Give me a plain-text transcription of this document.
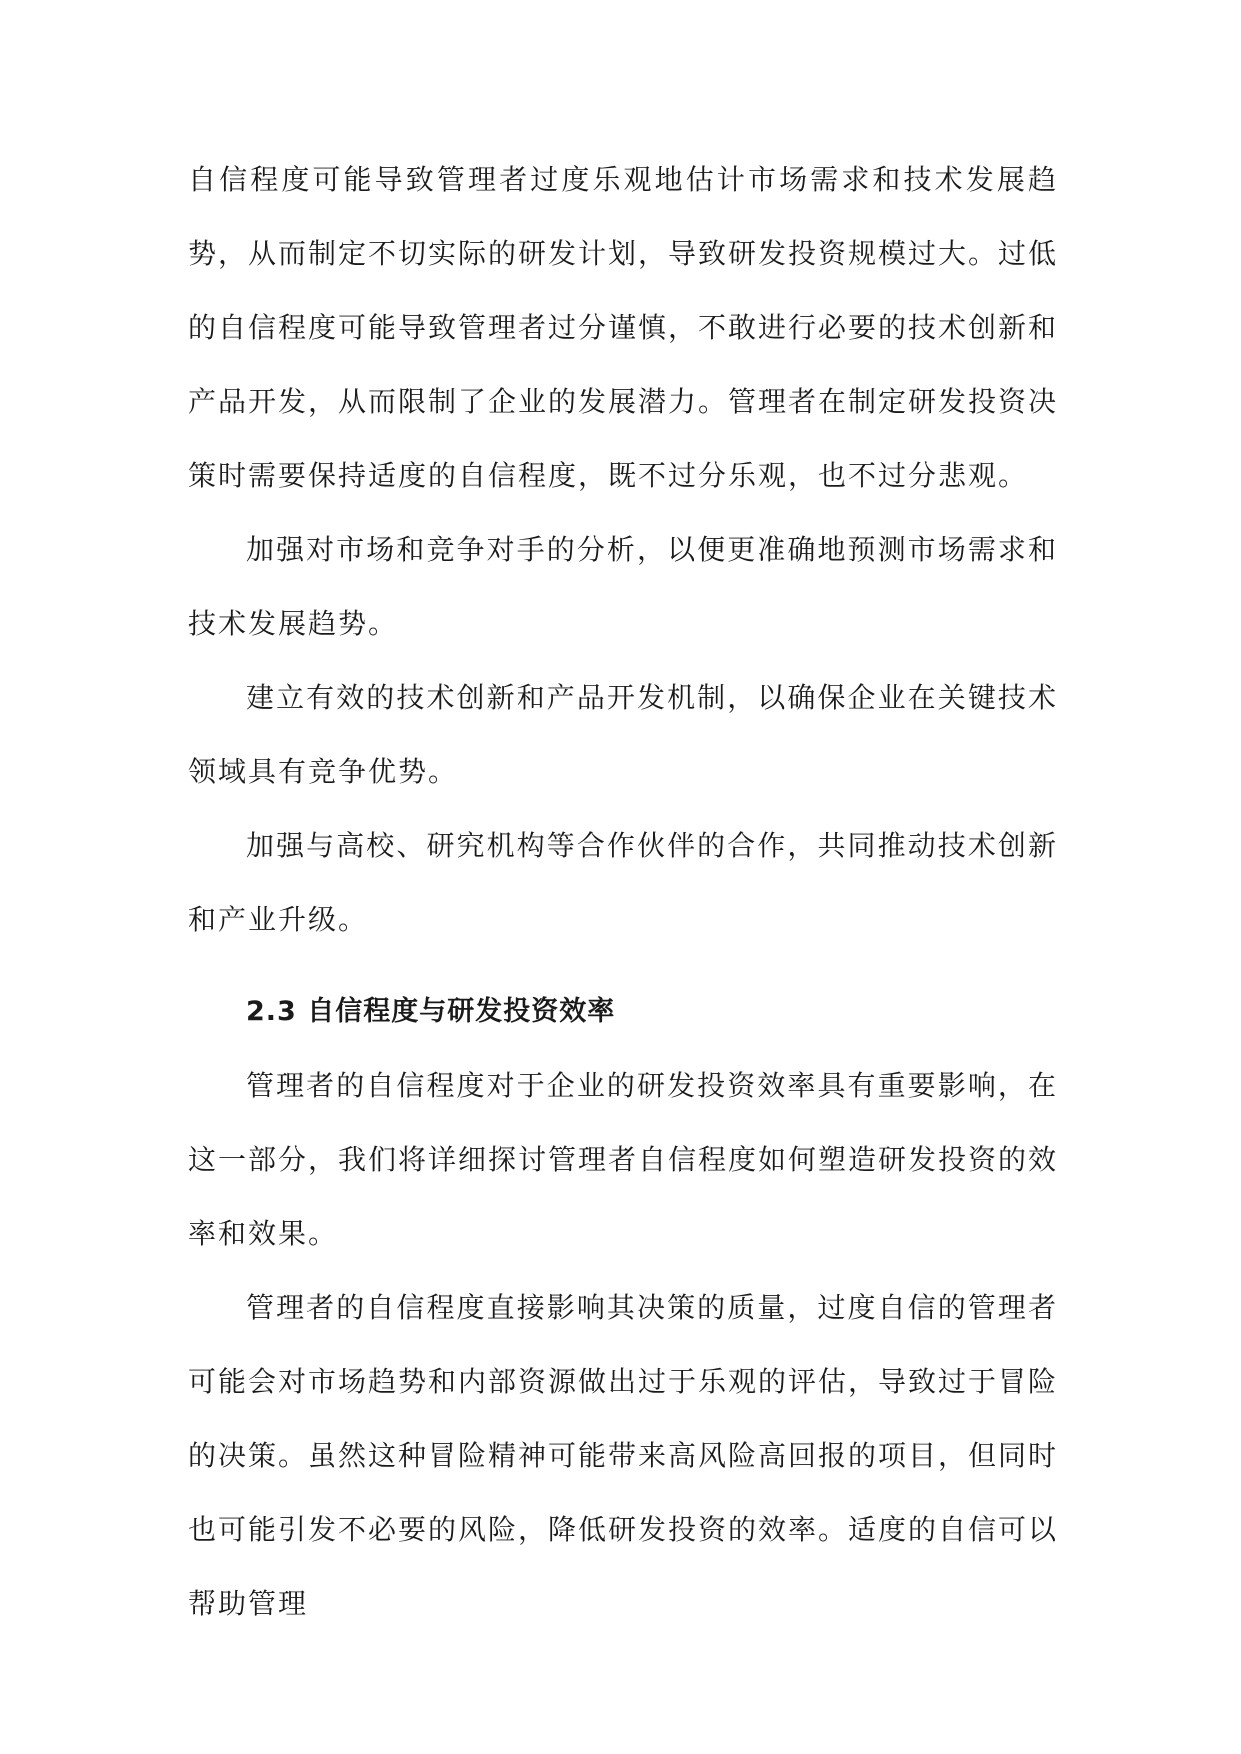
自信程度可能导致管理者过度乐观地估计市场需求和技术发展趋势，从而制定不切实际的研发计划，导致研发投资规模过大。过低的自信程度可能导致管理者过分谨慎，不敢进行必要的技术创新和产品开发，从而限制了企业的发展潜力。管理者在制定研发投资决策时需要保持适度的自信程度，既不过分乐观，也不过分悲观。

加强对市场和竞争对手的分析，以便更准确地预测市场需求和技术发展趋势。

建立有效的技术创新和产品开发机制，以确保企业在关键技术领域具有竞争优势。

加强与高校、研究机构等合作伙伴的合作，共同推动技术创新和产业升级。

2.3 自信程度与研发投资效率

管理者的自信程度对于企业的研发投资效率具有重要影响，在这一部分，我们将详细探讨管理者自信程度如何塑造研发投资的效率和效果。

管理者的自信程度直接影响其决策的质量，过度自信的管理者可能会对市场趋势和内部资源做出过于乐观的评估，导致过于冒险的决策。虽然这种冒险精神可能带来高风险高回报的项目，但同时也可能引发不必要的风险，降低研发投资的效率。适度的自信可以帮助管理
